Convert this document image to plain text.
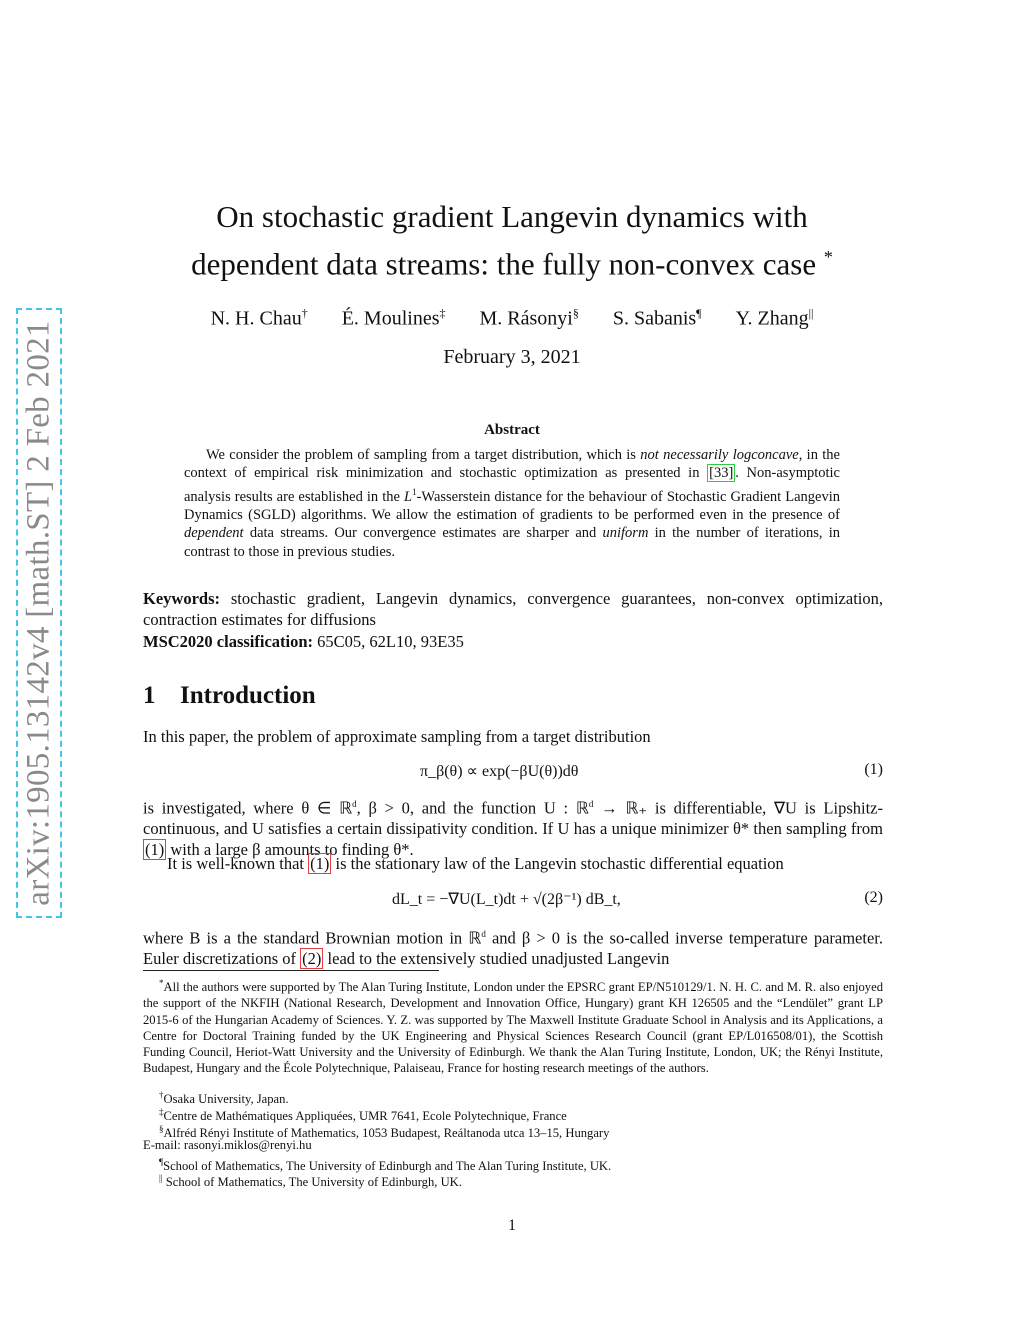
arXiv:1905.13142v4 [math.ST] 2 Feb 2021
On stochastic gradient Langevin dynamics with
dependent data streams: the fully non-convex case *
N. H. Chau† É. Moulines‡ M. Rásonyi§ S. Sabanis¶ Y. Zhang||
February 3, 2021
Abstract
We consider the problem of sampling from a target distribution, which is not necessarily logconcave, in the context of empirical risk minimization and stochastic optimization as presented in [33] . Non-asymptotic analysis results are established in the $L^1$-Wasserstein distance for the behaviour of Stochastic Gradient Langevin Dynamics (SGLD) algorithms. We allow the estimation of gradients to be performed even in the presence of dependent data streams. Our convergence estimates are sharper and uniform in the number of iterations, in contrast to those in previous studies.
Keywords: stochastic gradient, Langevin dynamics, convergence guarantees, non-convex optimization, contraction estimates for diffusions
MSC2020 classification: 65C05, 62L10, 93E35
1 Introduction
In this paper, the problem of approximate sampling from a target distribution
π_β(θ) ∝ exp(−βU(θ))dθ	(1)
is investigated, where θ ∈ ℝ$^d$, β > 0, and the function U : ℝ$^d$ → ℝ₊ is differentiable, ∇U is Lipshitz-continuous, and U satisfies a certain dissipativity condition. If U has a unique minimizer θ* then sampling from (1) with a large β amounts to finding θ*.
It is well-known that (1) is the stationary law of the Langevin stochastic differential equation
dL_t = −∇U(L_t)dt + √(2β⁻¹) dB_t,	(2)
where B is a the standard Brownian motion in ℝ$^d$ and β > 0 is the so-called inverse temperature parameter. Euler discretizations of (2) lead to the extensively studied unadjusted Langevin
*All the authors were supported by The Alan Turing Institute, London under the EPSRC grant EP/N510129/1. N. H. C. and M. R. also enjoyed the support of the NKFIH (National Research, Development and Innovation Office, Hungary) grant KH 126505 and the “Lendület” grant LP 2015-6 of the Hungarian Academy of Sciences. Y. Z. was supported by The Maxwell Institute Graduate School in Analysis and its Applications, a Centre for Doctoral Training funded by the UK Engineering and Physical Sciences Research Council (grant EP/L016508/01), the Scottish Funding Council, Heriot-Watt University and the University of Edinburgh. We thank the Alan Turing Institute, London, UK; the Rényi Institute, Budapest, Hungary and the École Polytechnique, Palaiseau, France for hosting research meetings of the authors.
†Osaka University, Japan.
‡Centre de Mathématiques Appliquées, UMR 7641, Ecole Polytechnique, France
§Alfréd Rényi Institute of Mathematics, 1053 Budapest, Reáltanoda utca 13–15, Hungary
E-mail: rasonyi.miklos@renyi.hu
¶School of Mathematics, The University of Edinburgh and The Alan Turing Institute, UK.
|| School of Mathematics, The University of Edinburgh, UK.
1
